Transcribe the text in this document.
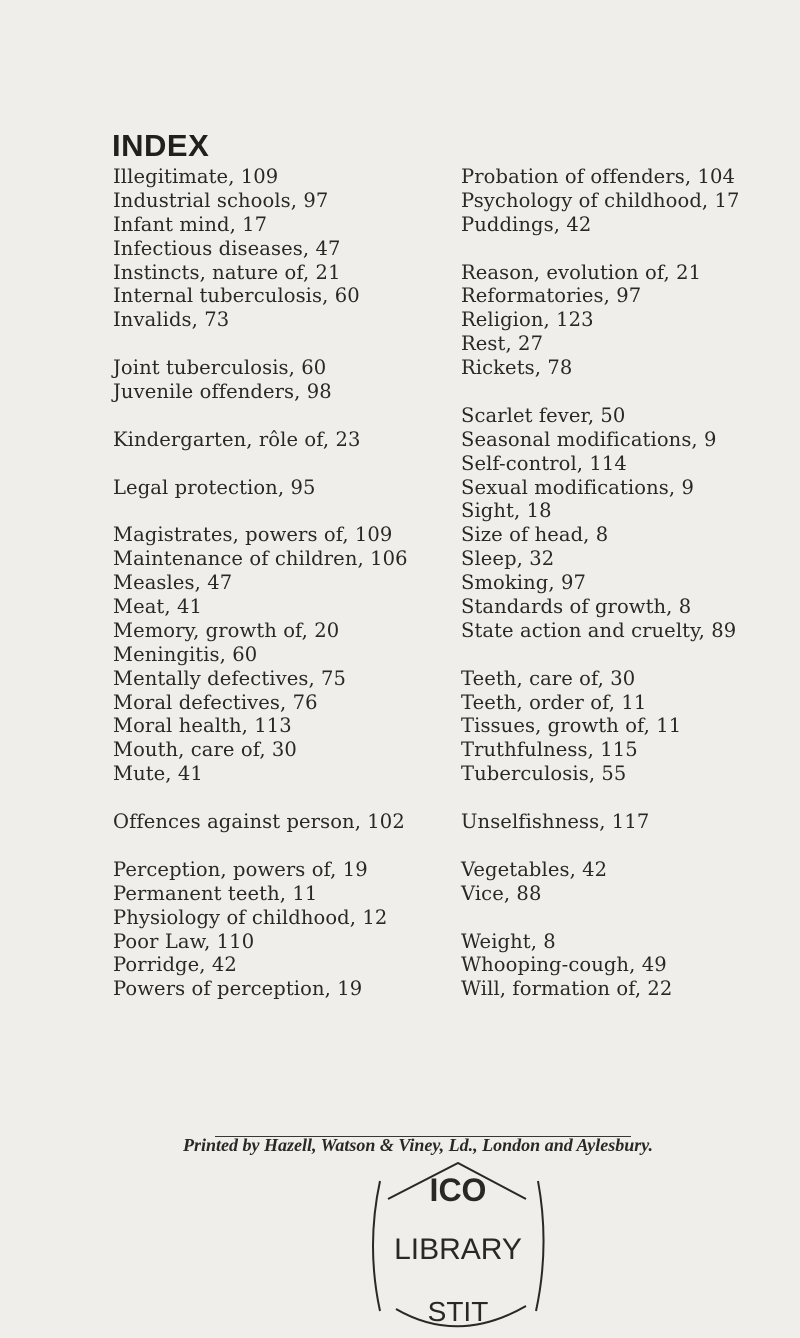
INDEX
Illegitimate, 109
Industrial schools, 97
Infant mind, 17
Infectious diseases, 47
Instincts, nature of, 21
Internal tuberculosis, 60
Invalids, 73
Joint tuberculosis, 60
Juvenile offenders, 98
Kindergarten, rôle of, 23
Legal protection, 95
Magistrates, powers of, 109
Maintenance of children, 106
Measles, 47
Meat, 41
Memory, growth of, 20
Meningitis, 60
Mentally defectives, 75
Moral defectives, 76
Moral health, 113
Mouth, care of, 30
Mute, 41
Offences against person, 102
Perception, powers of, 19
Permanent teeth, 11
Physiology of childhood, 12
Poor Law, 110
Porridge, 42
Powers of perception, 19
Probation of offenders, 104
Psychology of childhood, 17
Puddings, 42
Reason, evolution of, 21
Reformatories, 97
Religion, 123
Rest, 27
Rickets, 78
Scarlet fever, 50
Seasonal modifications, 9
Self-control, 114
Sexual modifications, 9
Sight, 18
Size of head, 8
Sleep, 32
Smoking, 97
Standards of growth, 8
State action and cruelty, 89
Teeth, care of, 30
Teeth, order of, 11
Tissues, growth of, 11
Truthfulness, 115
Tuberculosis, 55
Unselfishness, 117
Vegetables, 42
Vice, 88
Weight, 8
Whooping-cough, 49
Will, formation of, 22
Printed by Hazell, Watson & Viney, Ld., London and Aylesbury.
ICO
LIBRARY
STIT
